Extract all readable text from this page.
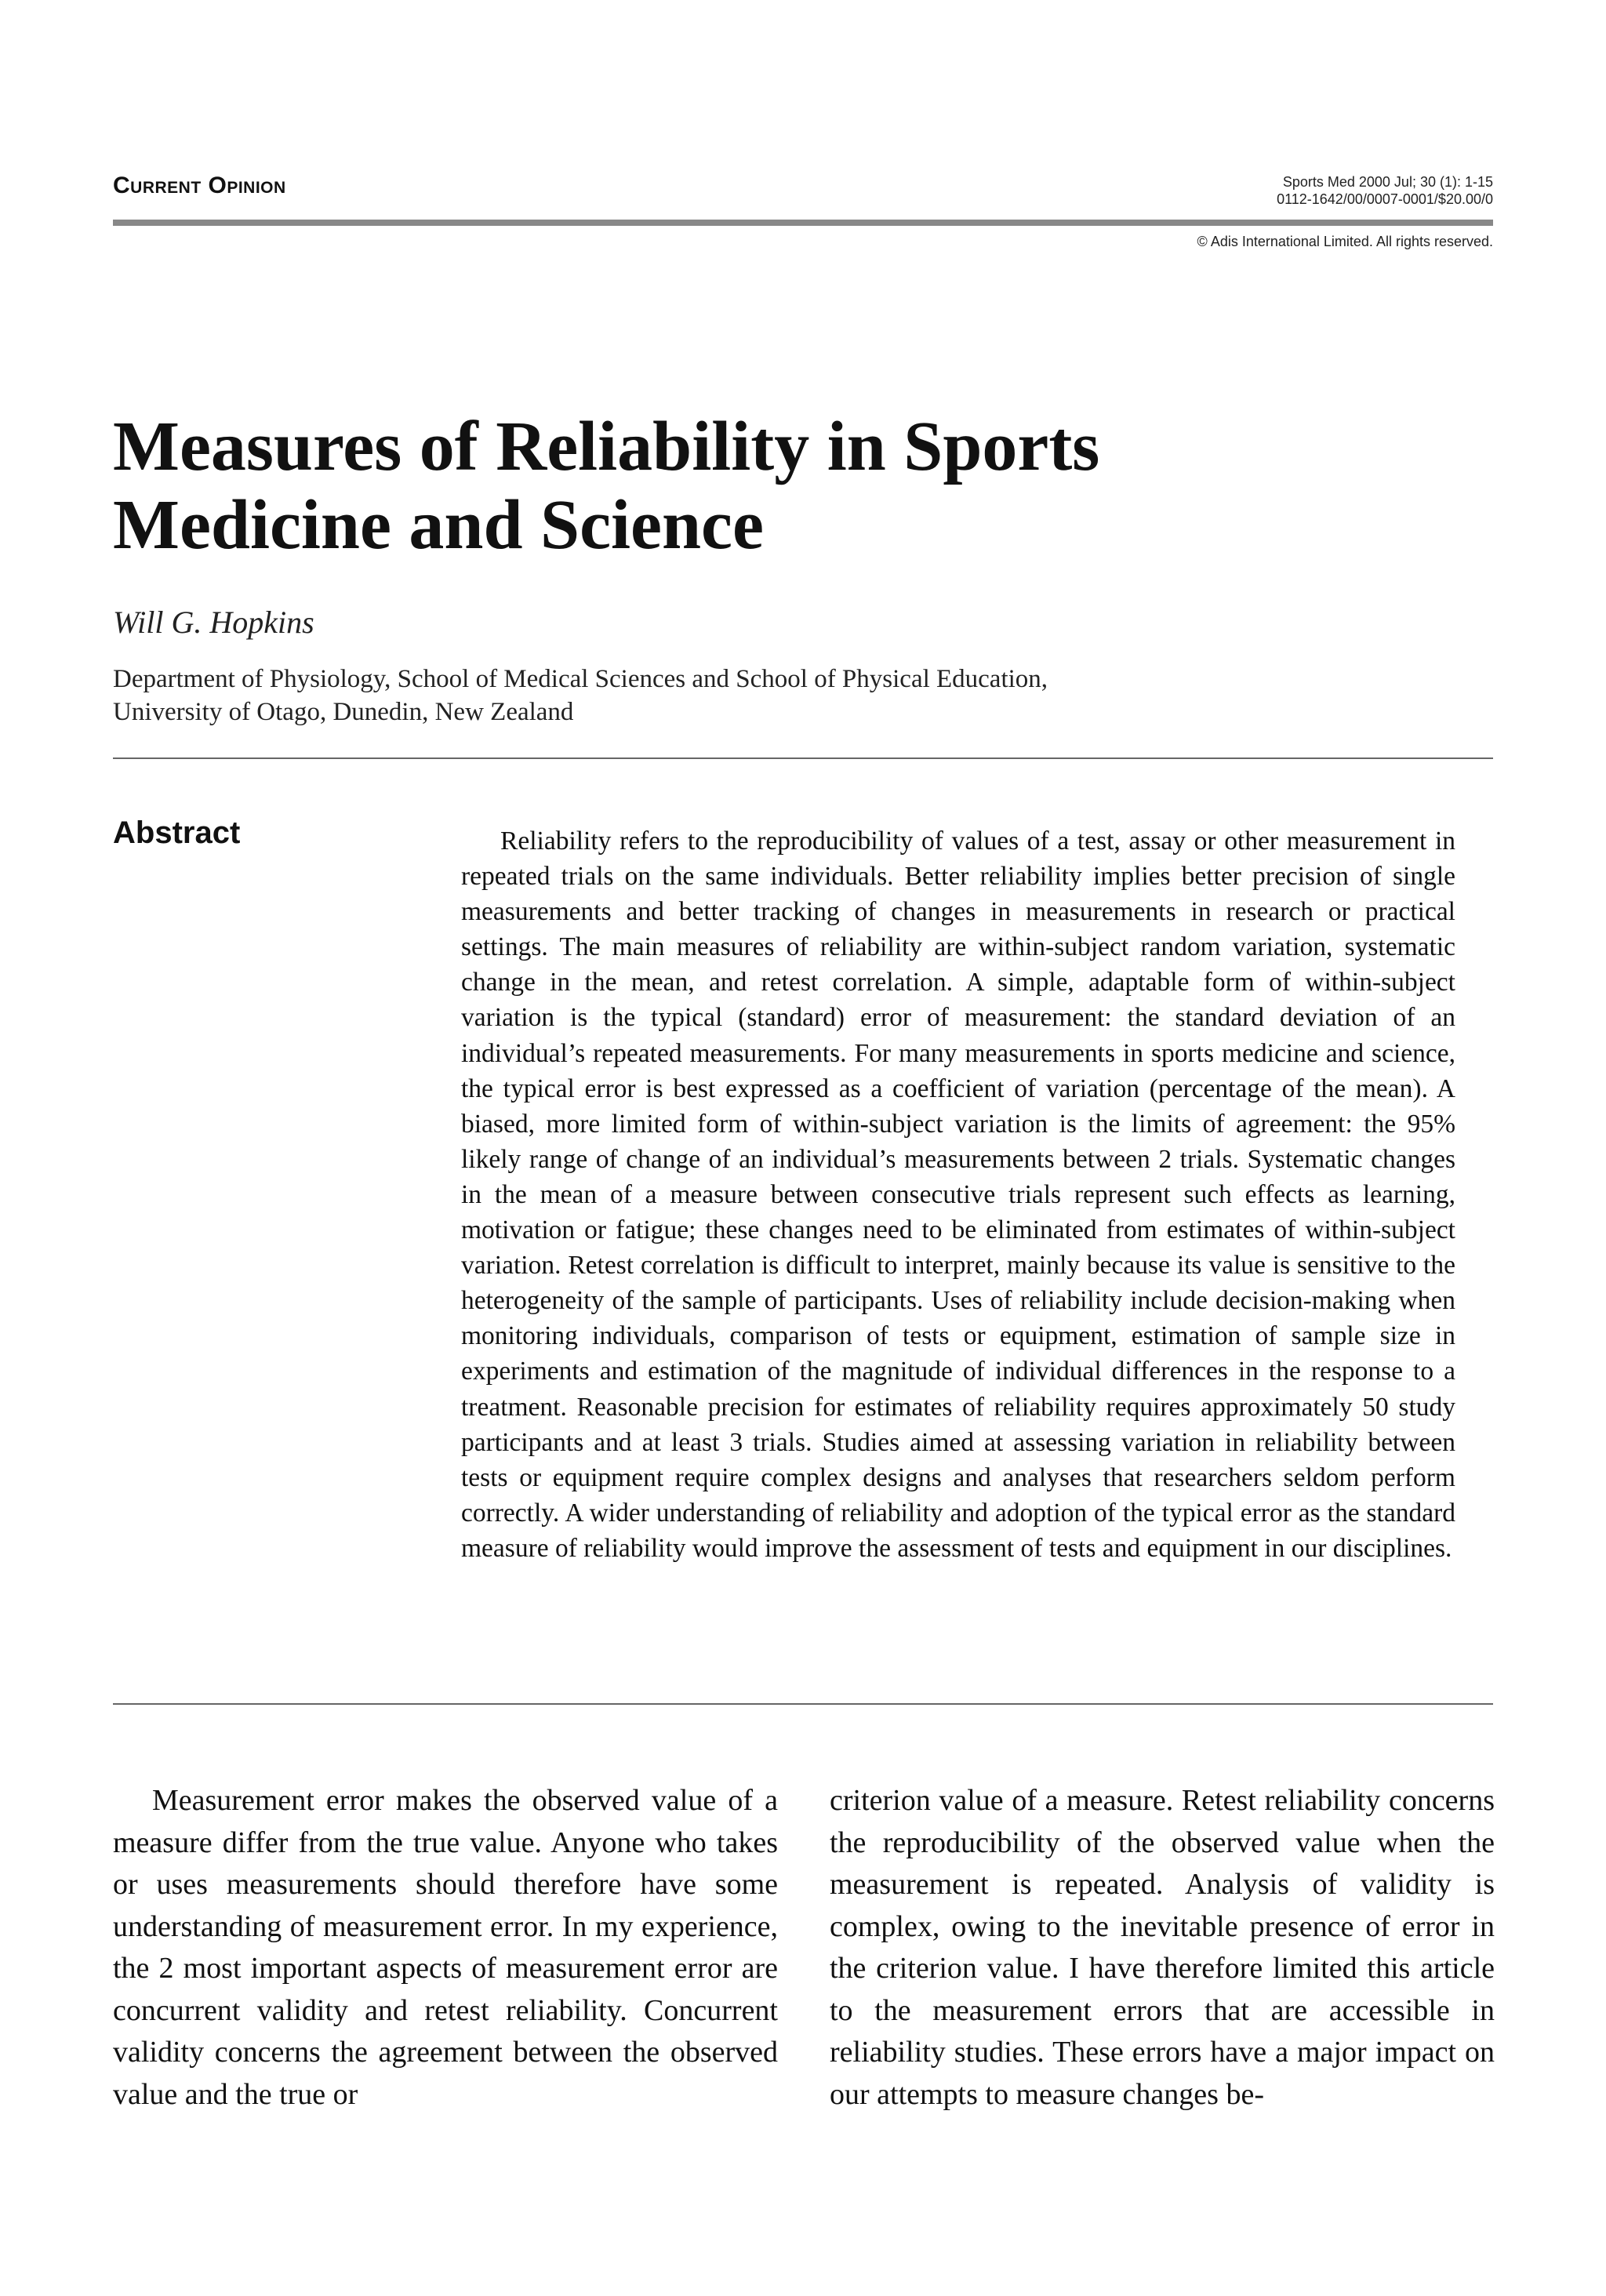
Current Opinion	Sports Med 2000 Jul; 30 (1): 1-15
0112-1642/00/0007-0001/$20.00/0
© Adis International Limited. All rights reserved.
Measures of Reliability in Sports
Medicine and Science
Will G. Hopkins
Department of Physiology, School of Medical Sciences and School of Physical Education,
University of Otago, Dunedin, New Zealand
Abstract	Reliability refers to the reproducibility of values of a test, assay or other measurement in repeated trials on the same individuals. Better reliability implies better precision of single measurements and better tracking of changes in measurements in research or practical settings. The main measures of reliability are within-subject random variation, systematic change in the mean, and retest correlation. A simple, adaptable form of within-subject variation is the typical (standard) error of measurement: the standard deviation of an individual’s repeated measurements. For many measurements in sports medicine and science, the typical error is best expressed as a coefficient of variation (percentage of the mean). A biased, more limited form of within-subject variation is the limits of agreement: the 95% likely range of change of an individual’s measurements between 2 trials. Systematic changes in the mean of a measure between consecutive trials represent such effects as learning, motivation or fatigue; these changes need to be eliminated from estimates of within-subject variation. Retest correlation is difficult to interpret, mainly because its value is sensitive to the heterogeneity of the sample of participants. Uses of reliability include decision-making when monitoring individuals, comparison of tests or equipment, estimation of sample size in experiments and estimation of the magnitude of individual differences in the response to a treatment. Reasonable precision for estimates of reliability requires approximately 50 study participants and at least 3 trials. Studies aimed at assessing variation in reliability between tests or equipment require complex designs and analyses that researchers seldom perform correctly. A wider understanding of reliability and adoption of the typical error as the standard measure of reliability would improve the assessment of tests and equipment in our disciplines.

Measurement error makes the observed value of a measure differ from the true value. Anyone who takes or uses measurements should therefore have some understanding of measurement error. In my experience, the 2 most important aspects of measurement error are concurrent validity and retest reliability. Concurrent validity concerns the agreement between the observed value and the true or

criterion value of a measure. Retest reliability concerns the reproducibility of the observed value when the measurement is repeated. Analysis of validity is complex, owing to the inevitable presence of error in the criterion value. I have therefore limited this article to the measurement errors that are accessible in reliability studies. These errors have a major impact on our attempts to measure changes be-
